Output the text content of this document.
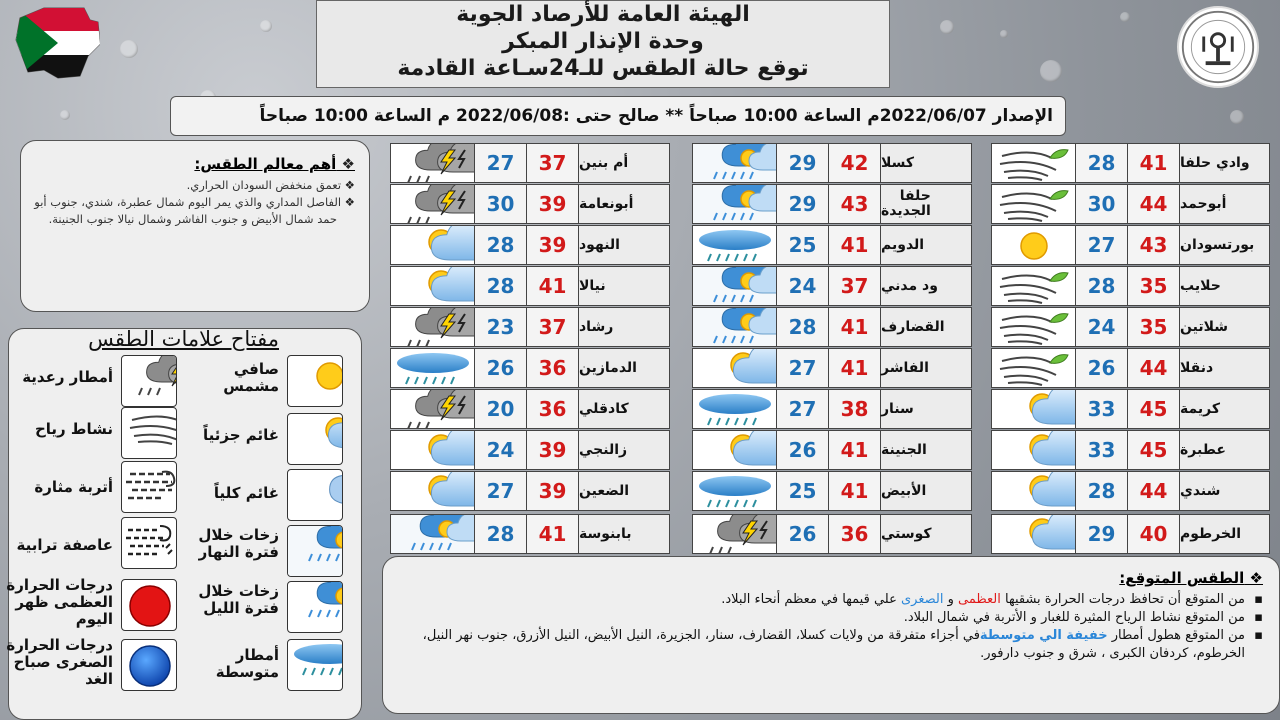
الهيئة العامة للأرصاد الجوية
وحدة الإنذار المبكر
توقع حالة الطقس للـ24سـاعة القادمة
الإصدار 2022/06/07م الساعة 10:00 صباحاً ** صالح حتى :2022/06/08 م الساعة 10:00 صباحاً
❖ أهم معالم الطقس:
❖ تعمق منخفض السودان الحراري.
❖ الفاصل المداري والذي يمر اليوم شمال عطبرة، شندي، جنوب أبو حمد شمال الأبيض و جنوب الفاشر وشمال نيالا جنوب الجنينة.
مفتاح علامات الطقس
صافي
مشمس
أمطار رعدية
غائم جزئياً
نشاط رياح
غائم كلياً
أتربة مثارة
زخات خلال
فترة النهار
عاصفة ترابية
زخات خلال
فترة الليل
درجات الحرارة
العظمى ظهر
اليوم
أمطار
متوسطة
درجات الحرارة
الصغرى صباح
الغد
28	41 وادي حلفا
30	44 أبوحمد
27	43 بورتسودان
28	35 حلايب
24	35 شلاتين
26	44 دنقلا
33	45 كريمة
33	45 عطبرة
28	44 شندي
29	40 الخرطوم
29	42 كسلا
29	43	حلفا
الجديدة
25	41 الدويم
24	37 ود مدني
28	41 القضارف
27	41 الفاشر
27	38 سنار
26	41 الجنينة
25	41 الأبيض
26	36 كوستي
27	37 أم بنين
30	39 أبونعامة
28	39 النهود
28	41 نيالا
23	37 رشاد
26	36 الدمازين
20	36 كادقلي
24	39 زالنجي
27	39 الضعين
28	41 بابنوسة
❖ الطقس المتوقع:

▪ من المتوقع أن تحافظ درجات الحرارة بشقيها العظمى و الصغرى علي قيمها في معظم أنحاء البلاد.

▪ من المتوقع نشاط الرياح المثيرة للغبار و الأتربة في شمال البلاد.

▪ من المتوقع هطول أمطار خفيفة الي متوسطةفي أجزاء متفرقة من ولايات كسلا، القضارف، سنار، الجزيرة، النيل الأبيض، النيل الأزرق، جنوب نهر النيل، الخرطوم، كردفان الكبرى ، شرق و جنوب دارفور.
